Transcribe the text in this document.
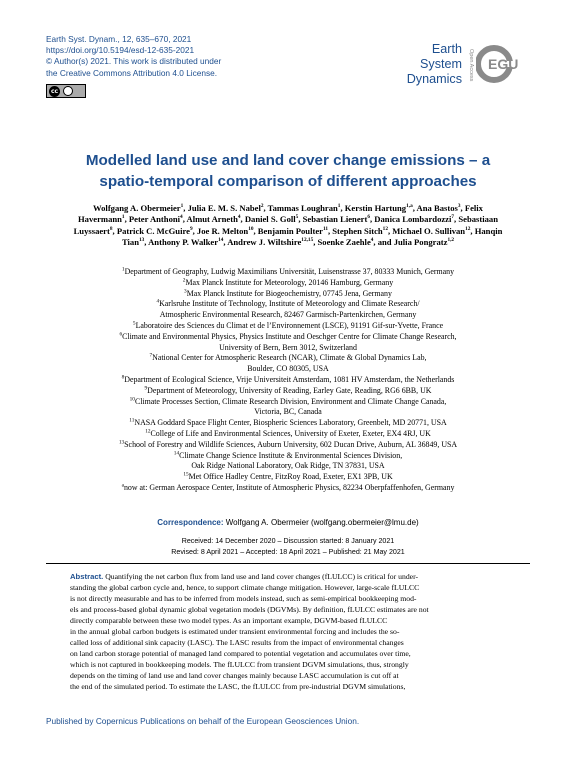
Earth Syst. Dynam., 12, 635–670, 2021
https://doi.org/10.5194/esd-12-635-2021
© Author(s) 2021. This work is distributed under
the Creative Commons Attribution 4.0 License.
cc
Earth System
Dynamics	Open Access EGU
Modelled land use and land cover change emissions – a
spatio-temporal comparison of different approaches
Wolfgang A. Obermeier$^1$, Julia E. M. S. Nabel$^2$, Tammas Loughran$^1$, Kerstin Hartung$^{1,a}$, Ana Bastos$^3$, Felix Havermann$^1$, Peter Anthoni$^4$, Almut Arneth$^4$, Daniel S. Goll$^5$, Sebastian Lienert$^6$, Danica Lombardozzi$^7$, Sebastiaan Luyssaert$^8$, Patrick C. McGuire$^9$, Joe R. Melton$^{10}$, Benjamin Poulter$^{11}$, Stephen Sitch$^{12}$, Michael O. Sullivan$^{12}$, Hanqin Tian$^{13}$, Anthony P. Walker$^{14}$, Andrew J. Wiltshire$^{12,15}$, Soenke Zaehle$^4$, and Julia Pongratz$^{1,2}$
$^1$Department of Geography, Ludwig Maximilians Universität, Luisenstrasse 37, 80333 Munich, Germany
$^2$Max Planck Institute for Meteorology, 20146 Hamburg, Germany
$^3$Max Planck Institute for Biogeochemistry, 07745 Jena, Germany
$^4$Karlsruhe Institute of Technology, Institute of Meteorology and Climate Research/
Atmospheric Environmental Research, 82467 Garmisch-Partenkirchen, Germany
$^5$Laboratoire des Sciences du Climat et de l’Environnement (LSCE), 91191 Gif-sur-Yvette, France
$^6$Climate and Environmental Physics, Physics Institute and Oeschger Centre for Climate Change Research,
University of Bern, Bern 3012, Switzerland
$^7$National Center for Atmospheric Research (NCAR), Climate & Global Dynamics Lab,
Boulder, CO 80305, USA
$^8$Department of Ecological Science, Vrije Universiteit Amsterdam, 1081 HV Amsterdam, the Netherlands
$^9$Department of Meteorology, University of Reading, Earley Gate, Reading, RG6 6BB, UK
$^{10}$Climate Processes Section, Climate Research Division, Environment and Climate Change Canada,
Victoria, BC, Canada
$^{11}$NASA Goddard Space Flight Center, Biospheric Sciences Laboratory, Greenbelt, MD 20771, USA
$^{12}$College of Life and Environmental Sciences, University of Exeter, Exeter, EX4 4RJ, UK
$^{13}$School of Forestry and Wildlife Sciences, Auburn University, 602 Ducan Drive, Auburn, AL 36849, USA
$^{14}$Climate Change Science Institute & Environmental Sciences Division,
Oak Ridge National Laboratory, Oak Ridge, TN 37831, USA
$^{15}$Met Office Hadley Centre, FitzRoy Road, Exeter, EX1 3PB, UK
$^a$now at: German Aerospace Center, Institute of Atmospheric Physics, 82234 Oberpfaffenhofen, Germany
Correspondence: Wolfgang A. Obermeier (wolfgang.obermeier@lmu.de)
Received: 14 December 2020 – Discussion started: 8 January 2021
Revised: 8 April 2021 – Accepted: 18 April 2021 – Published: 21 May 2021
Abstract. Quantifying the net carbon flux from land use and land cover changes (fLULCC) is critical for under-
standing the global carbon cycle and, hence, to support climate change mitigation. However, large-scale fLULCC
is not directly measurable and has to be inferred from models instead, such as semi-empirical bookkeeping mod-
els and process-based global dynamic global vegetation models (DGVMs). By definition, fLULCC estimates are not
directly comparable between these two model types. As an important example, DGVM-based fLULCC
in the annual global carbon budgets is estimated under transient environmental forcing and includes the so-
called loss of additional sink capacity (LASC). The LASC results from the impact of environmental changes
on land carbon storage potential of managed land compared to potential vegetation and accumulates over time,
which is not captured in bookkeeping models. The fLULCC from transient DGVM simulations, thus, strongly
depends on the timing of land use and land cover changes mainly because LASC accumulation is cut off at
the end of the simulated period. To estimate the LASC, the fLULCC from pre-industrial DGVM simulations,
Published by Copernicus Publications on behalf of the European Geosciences Union.
